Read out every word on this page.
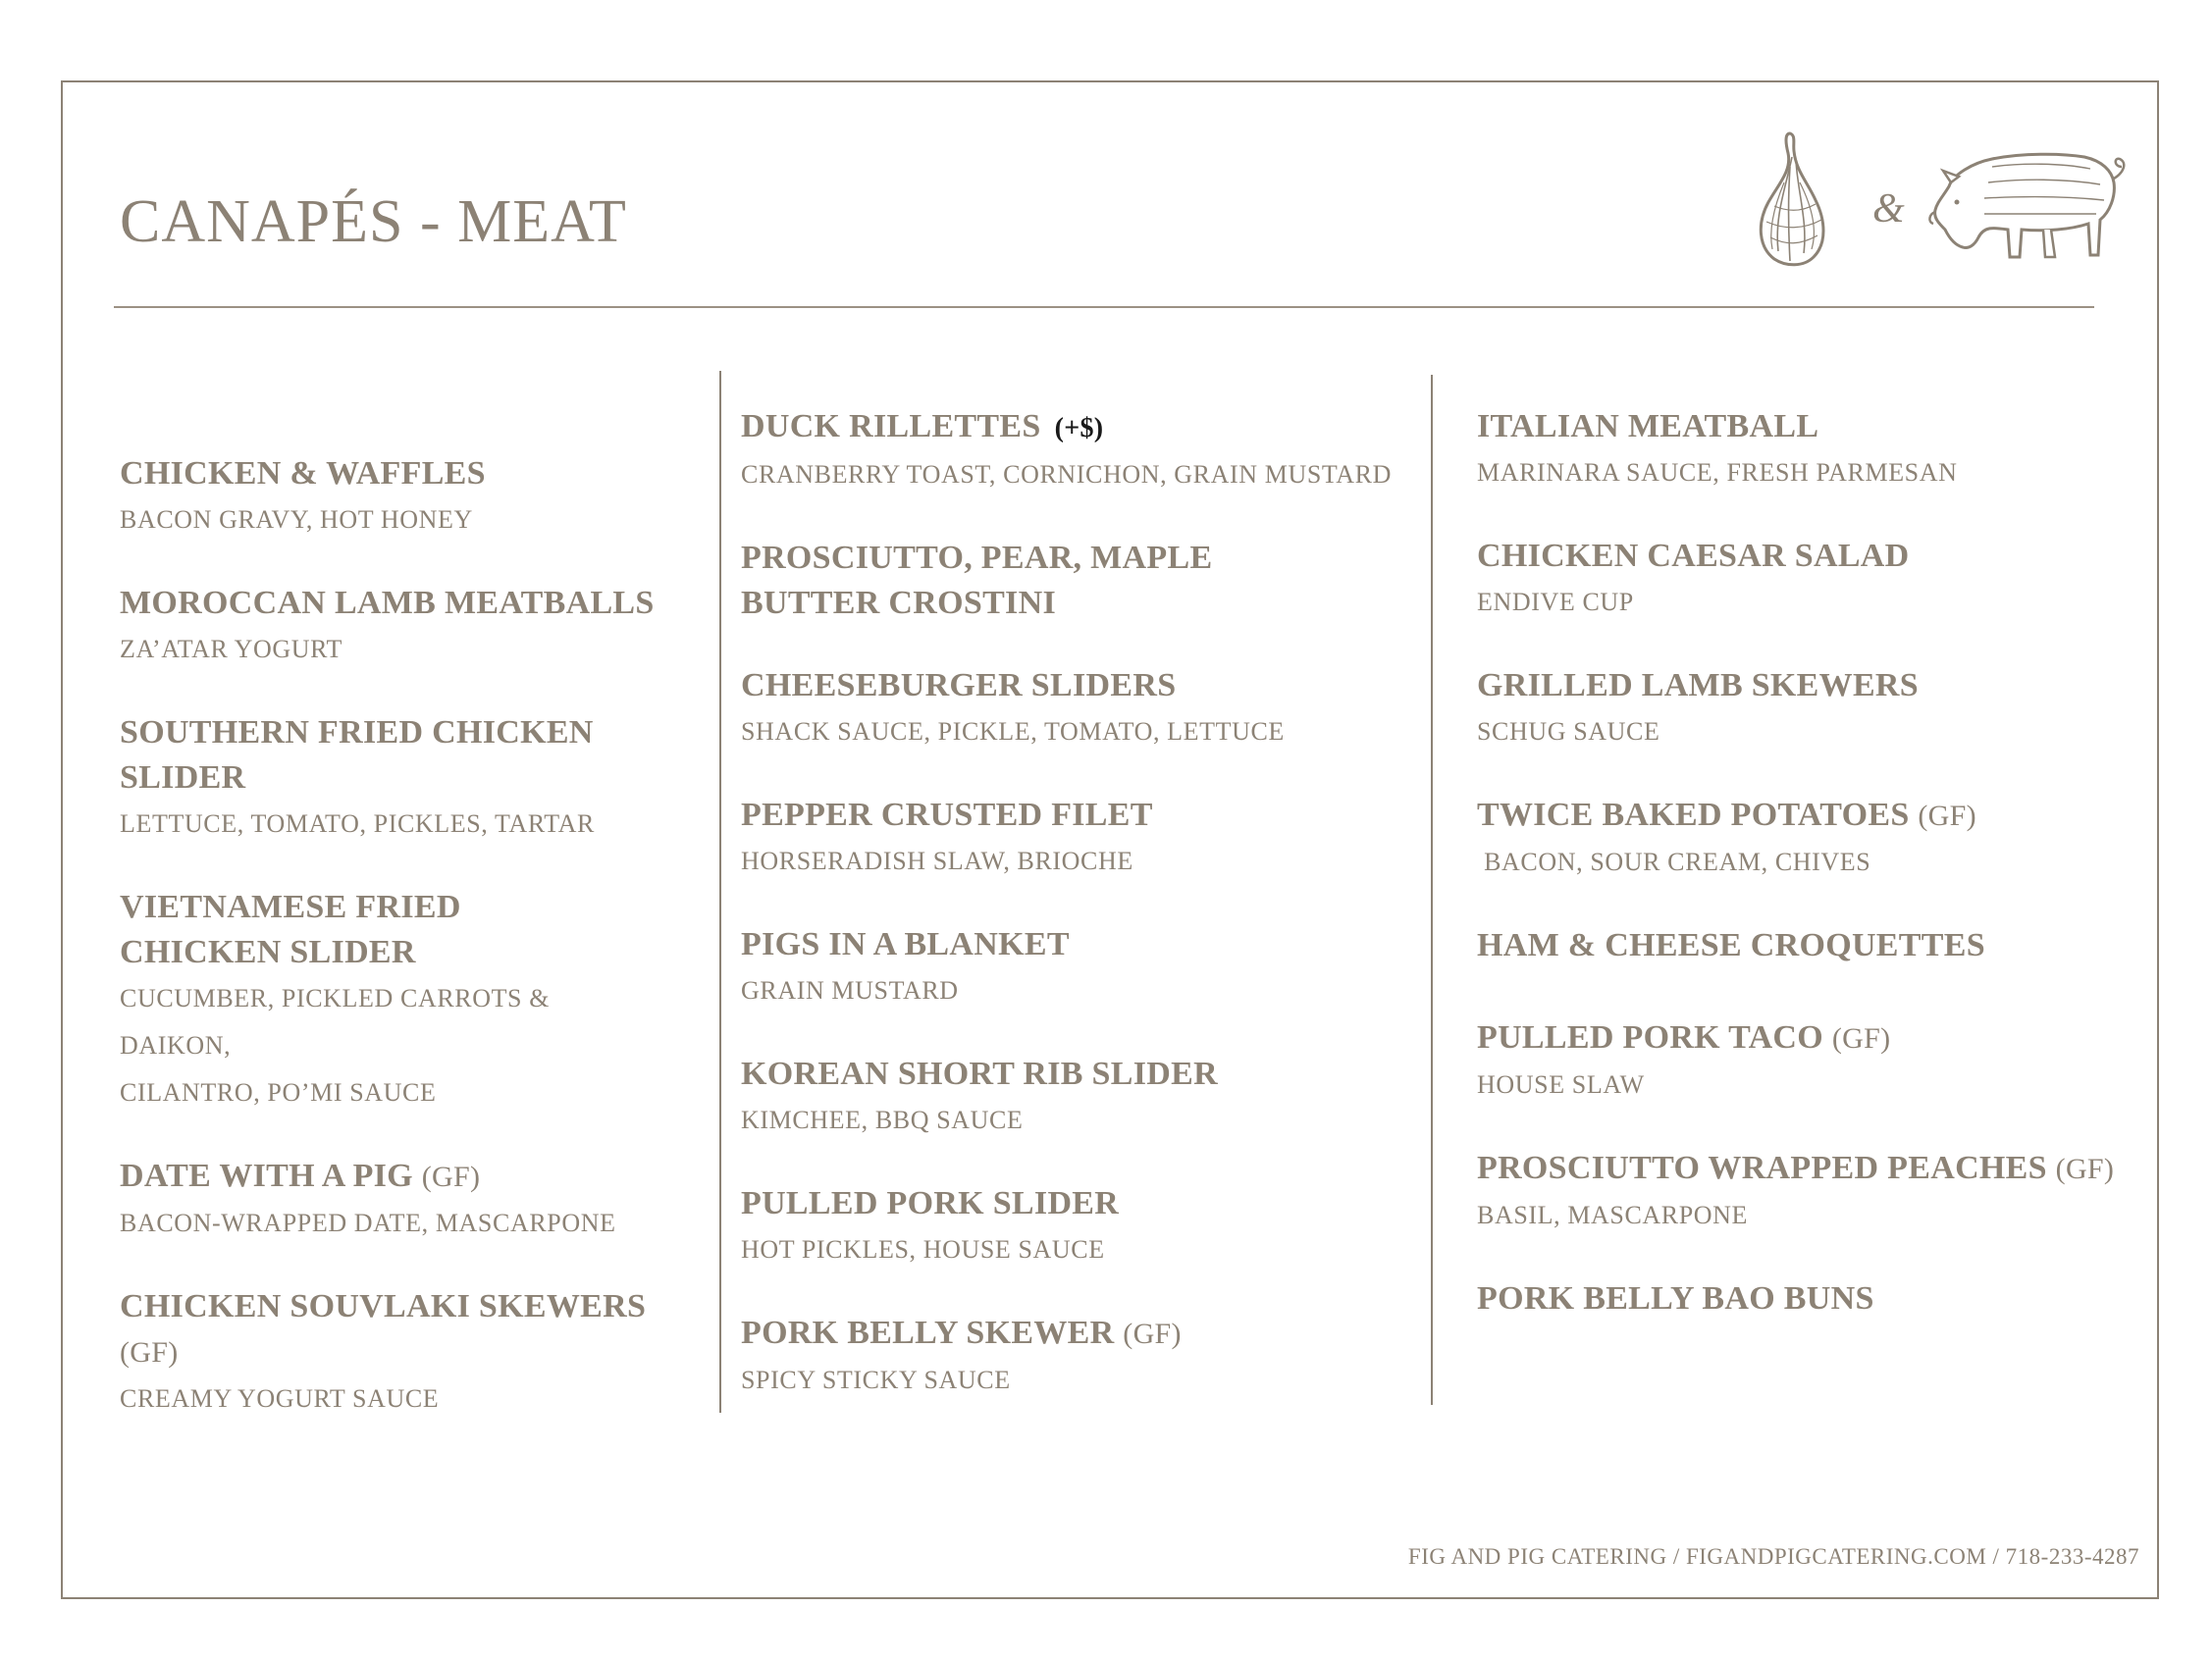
CANAPÉS - MEAT	&
CHICKEN & WAFFLES
BACON GRAVY, HOT HONEY
MOROCCAN LAMB MEATBALLS
ZA’ATAR YOGURT
SOUTHERN FRIED CHICKEN SLIDER
LETTUCE, TOMATO, PICKLES, TARTAR
VIETNAMESE FRIED CHICKEN SLIDER
CUCUMBER, PICKLED CARROTS & DAIKON,
CILANTRO, PO’MI SAUCE
DATE WITH A PIG (GF)
BACON-WRAPPED DATE, MASCARPONE
CHICKEN SOUVLAKI SKEWERS (GF)
CREAMY YOGURT SAUCE
DUCK RILLETTES (+$)
CRANBERRY TOAST, CORNICHON, GRAIN MUSTARD
PROSCIUTTO, PEAR, MAPLE BUTTER CROSTINI
CHEESEBURGER SLIDERS
SHACK SAUCE, PICKLE, TOMATO, LETTUCE
PEPPER CRUSTED FILET
HORSERADISH SLAW, BRIOCHE
PIGS IN A BLANKET
GRAIN MUSTARD
KOREAN SHORT RIB SLIDER
KIMCHEE, BBQ SAUCE
PULLED PORK SLIDER
HOT PICKLES, HOUSE SAUCE
PORK BELLY SKEWER (GF)
SPICY STICKY SAUCE
ITALIAN MEATBALL
MARINARA SAUCE, FRESH PARMESAN
CHICKEN CAESAR SALAD
ENDIVE CUP
GRILLED LAMB SKEWERS
SCHUG SAUCE
TWICE BAKED POTATOES (GF)
BACON, SOUR CREAM, CHIVES
HAM & CHEESE CROQUETTES
PULLED PORK TACO (GF)
HOUSE SLAW
PROSCIUTTO WRAPPED PEACHES (GF)
BASIL, MASCARPONE
PORK BELLY BAO BUNS
FIG AND PIG CATERING / FIGANDPIGCATERING.COM / 718-233-4287
